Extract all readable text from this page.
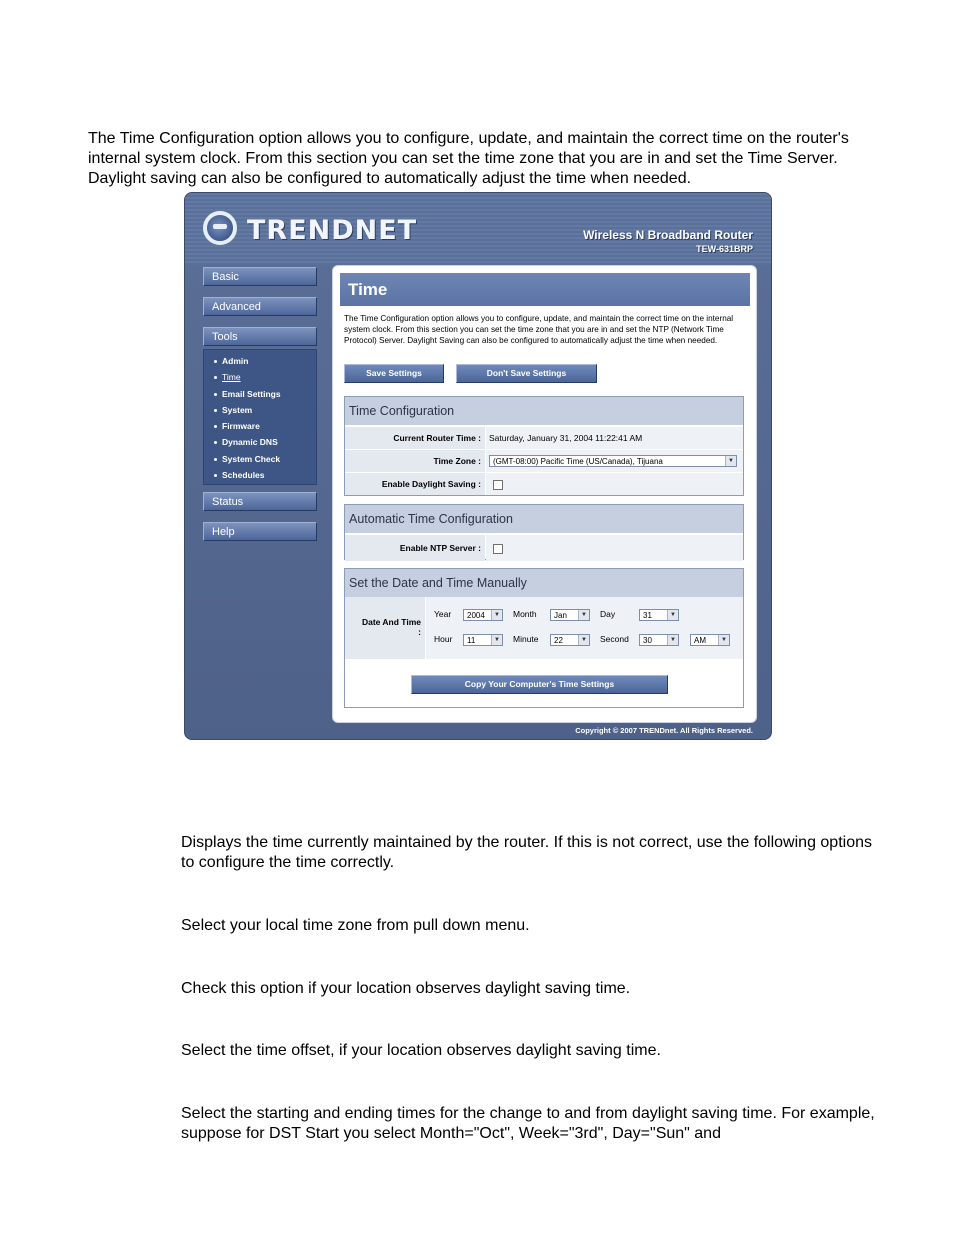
The Time Configuration option allows you to configure, update, and maintain the correct time on the router's internal system clock. From this section you can set the time zone that you are in and set the Time Server. Daylight saving can also be configured to automatically adjust the time when needed.

TRENDNET	Wireless N Broadband Router
TEW-631BRP
Basic
Advanced
Tools
Admin
Time
Email Settings
System
Firmware
Dynamic DNS
System Check
Schedules
Status
Help
Time
The Time Configuration option allows you to configure, update, and maintain the correct time on the internal system clock. From this section you can set the time zone that you are in and set the NTP (Network Time Protocol) Server. Daylight Saving can also be configured to automatically adjust the time when needed.
Save Settings	Don't Save Settings
Time Configuration
Current Router Time : Saturday, January 31, 2004 11:22:41 AM
Time Zone :	(GMT-08:00) Pacific Time (US/Canada), Tijuana	▼
Enable Daylight Saving :
Automatic Time Configuration
Enable NTP Server :
Set the Date and Time Manually
Date And Time :
Year	2004	▼ Month	Jan	▼ Day	31	▼
Hour	11	▼ Minute	22	▼ Second	30	▼	AM	▼
Copy Your Computer's Time Settings
Copyright © 2007 TRENDnet. All Rights Reserved.

Displays the time currently maintained by the router. If this is not correct, use the following options to configure the time correctly.

Select your local time zone from pull down menu.

Check this option if your location observes daylight saving time.

Select the time offset, if your location observes daylight saving time.

Select the starting and ending times for the change to and from daylight saving time. For example, suppose for DST Start you select Month="Oct", Week="3rd", Day="Sun" and
